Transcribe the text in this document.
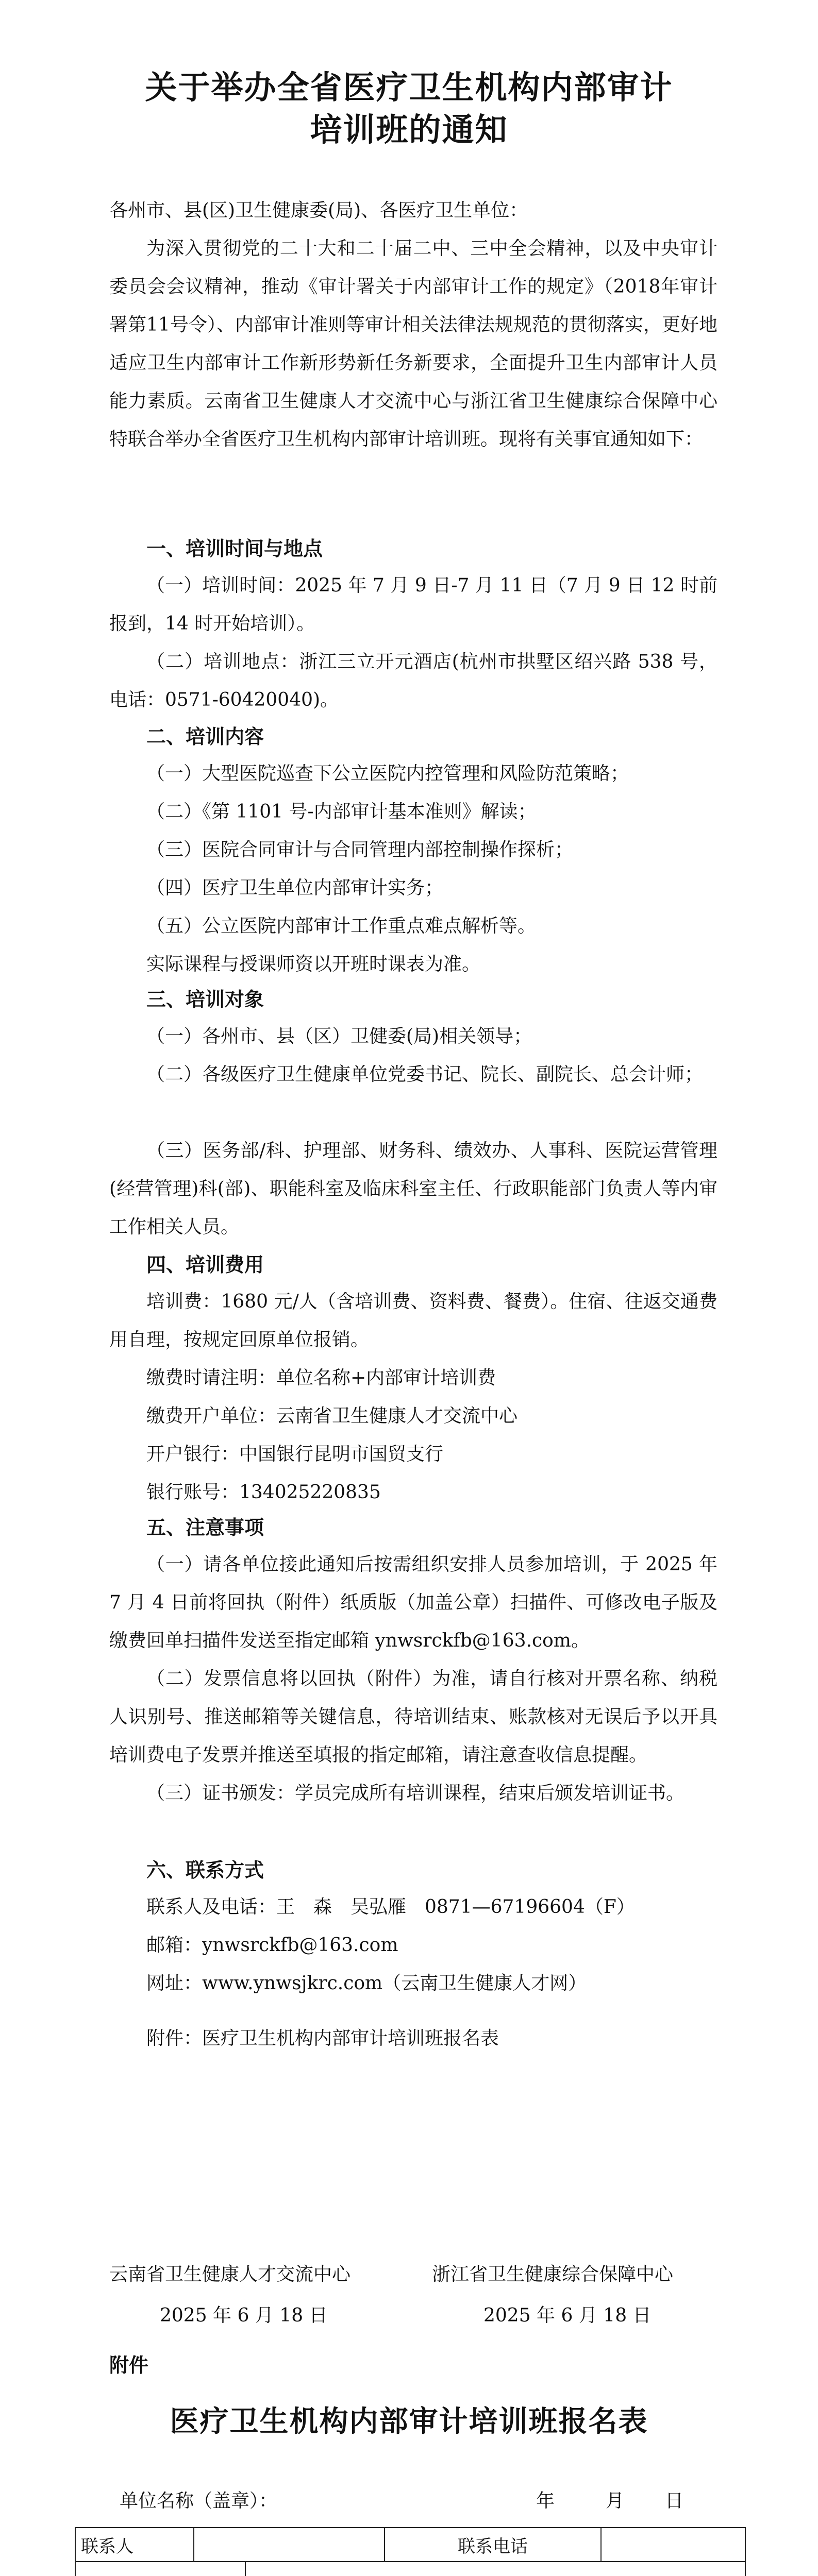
关于举办全省医疗卫生机构内部审计
培训班的通知

各州市、县(区)卫生健康委(局)、各医疗卫生单位：

为深入贯彻党的二十大和二十届二中、三中全会精神，以及中央审计委员会会议精神，推动《审计署关于内部审计工作的规定》（2018年审计署第11号令）、内部审计准则等审计相关法律法规规范的贯彻落实，更好地适应卫生内部审计工作新形势新任务新要求，全面提升卫生内部审计人员能力素质。云南省卫生健康人才交流中心与浙江省卫生健康综合保障中心特联合举办全省医疗卫生机构内部审计培训班。现将有关事宜通知如下：

一、培训时间与地点

（一）培训时间：2025 年 7 月 9 日-7 月 11 日（7 月 9 日 12 时前报到，14 时开始培训）。

（二）培训地点：浙江三立开元酒店(杭州市拱墅区绍兴路 538 号，电话：0571-60420040)。

二、培训内容

（一）大型医院巡查下公立医院内控管理和风险防范策略；

（二）《第 1101 号-内部审计基本准则》解读；

（三）医院合同审计与合同管理内部控制操作探析；

（四）医疗卫生单位内部审计实务；

（五）公立医院内部审计工作重点难点解析等。

实际课程与授课师资以开班时课表为准。

三、培训对象

（一）各州市、县（区）卫健委(局)相关领导；

（二）各级医疗卫生健康单位党委书记、院长、副院长、总会计师；

（三）医务部/科、护理部、财务科、绩效办、人事科、医院运营管理(经营管理)科(部)、职能科室及临床科室主任、行政职能部门负责人等内审工作相关人员。

四、培训费用

培训费：1680 元/人（含培训费、资料费、餐费）。住宿、往返交通费用自理，按规定回原单位报销。

缴费时请注明：单位名称+内部审计培训费

缴费开户单位：云南省卫生健康人才交流中心

开户银行：中国银行昆明市国贸支行

银行账号：134025220835

五、注意事项

（一）请各单位接此通知后按需组织安排人员参加培训，于 2025 年 7 月 4 日前将回执（附件）纸质版（加盖公章）扫描件、可修改电子版及缴费回单扫描件发送至指定邮箱 ynwsrckfb@163.com。

（二）发票信息将以回执（附件）为准，请自行核对开票名称、纳税人识别号、推送邮箱等关键信息，待培训结束、账款核对无误后予以开具培训费电子发票并推送至填报的指定邮箱，请注意查收信息提醒。

（三）证书颁发：学员完成所有培训课程，结束后颁发培训证书。

六、联系方式

联系人及电话：王　森　吴弘雁　0871—67196604（F）

邮箱：ynwsrckfb@163.com

网址：www.ynwsjkrc.com（云南卫生健康人才网）

附件：医疗卫生机构内部审计培训班报名表

云南省卫生健康人才交流中心
2025 年 6 月 18 日
浙江省卫生健康综合保障中心
2025 年 6 月 18 日
附件
医疗卫生机构内部审计培训班报名表
单位名称（盖章）：	年	月 日
联系人				联系电话		
